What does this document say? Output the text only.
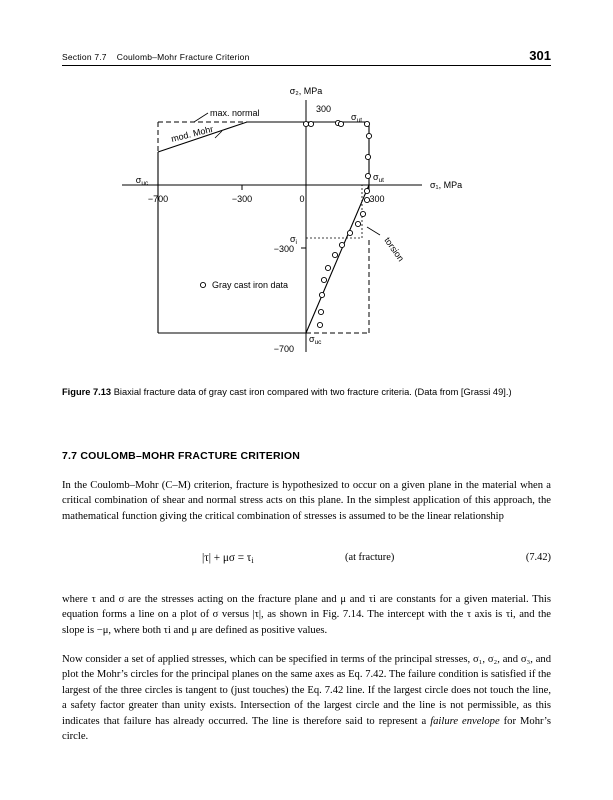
Section 7.7 Coulomb–Mohr Fracture Criterion	301
σ₂, MPa
σ₁, MPa
300
−300
−700
−700	−300	0	300
$\sigma_{ut}$
$\sigma_{ut}$
$\sigma_{uc}$
$\sigma_{uc}$
$\sigma_i$
max. normal
mod. Mohr
torsion
Gray cast iron data
Figure 7.13 Biaxial fracture data of gray cast iron compared with two fracture criteria. (Data from [Grassi 49].)
7.7 COULOMB–MOHR FRACTURE CRITERION
In the Coulomb–Mohr (C–M) criterion, fracture is hypothesized to occur on a given plane in the material when a critical combination of shear and normal stress acts on this plane. In the simplest application of this approach, the mathematical function giving the critical combination of stresses is assumed to be the linear relationship
$|\tau| + \mu\sigma = \tau_i$	(at fracture)	(7.42)
where τ and σ are the stresses acting on the fracture plane and μ and τi are constants for a given material. This equation forms a line on a plot of σ versus |τ|, as shown in Fig. 7.14. The intercept with the τ axis is τi, and the slope is −μ, where both τi and μ are defined as positive values.
Now consider a set of applied stresses, which can be specified in terms of the principal stresses, σ₁, σ₂, and σ₃, and plot the Mohr’s circles for the principal planes on the same axes as Eq. 7.42. The failure condition is satisfied if the largest of the three circles is tangent to (just touches) the Eq. 7.42 line. If the largest circle does not touch the line, a safety factor greater than unity exists. Intersection of the largest circle and the line is not permissible, as this indicates that failure has already occurred. The line is therefore said to represent a failure envelope for Mohr’s circle.
